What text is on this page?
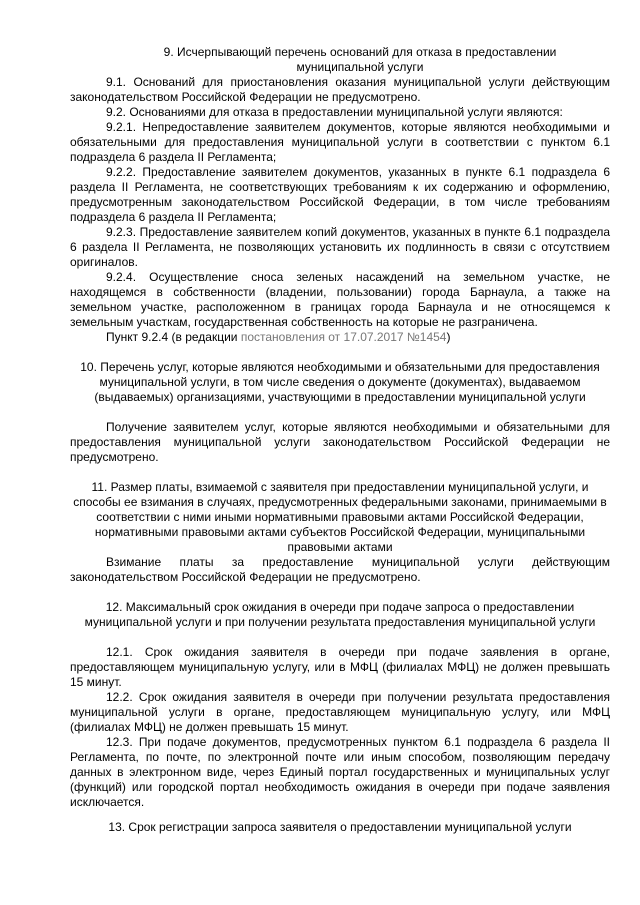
9. Исчерпывающий перечень оснований для отказа в предоставлении муниципальной услуги
9.1. Оснований для приостановления оказания муниципальной услуги действующим законодательством Российской Федерации не предусмотрено.
9.2. Основаниями для отказа в предоставлении муниципальной услуги являются:
9.2.1. Непредоставление заявителем документов, которые являются необходимыми и обязательными для предоставления муниципальной услуги в соответствии с пунктом 6.1 подраздела 6 раздела II Регламента;
9.2.2. Предоставление заявителем документов, указанных в пункте 6.1 подраздела 6 раздела II Регламента, не соответствующих требованиям к их содержанию и оформлению, предусмотренным законодательством Российской Федерации, в том числе требованиям подраздела 6 раздела II Регламента;
9.2.3. Предоставление заявителем копий документов, указанных в пункте 6.1 подраздела 6 раздела II Регламента, не позволяющих установить их подлинность в связи с отсутствием оригиналов.
9.2.4. Осуществление сноса зеленых насаждений на земельном участке, не находящемся в собственности (владении, пользовании) города Барнаула, а также на земельном участке, расположенном в границах города Барнаула и не относящемся к земельным участкам, государственная собственность на которые не разграничена.
Пункт 9.2.4 (в редакции постановления от 17.07.2017 №1454)
10. Перечень услуг, которые являются необходимыми и обязательными для предоставления муниципальной услуги, в том числе сведения о документе (документах), выдаваемом (выдаваемых) организациями, участвующими в предоставлении муниципальной услуги
Получение заявителем услуг, которые являются необходимыми и обязательными для предоставления муниципальной услуги законодательством Российской Федерации не предусмотрено.
11. Размер платы, взимаемой с заявителя при предоставлении муниципальной услуги, и способы ее взимания в случаях, предусмотренных федеральными законами, принимаемыми в соответствии с ними иными нормативными правовыми актами Российской Федерации, нормативными правовыми актами субъектов Российской Федерации, муниципальными правовыми актами
Взимание платы за предоставление муниципальной услуги действующим законодательством Российской Федерации не предусмотрено.
12. Максимальный срок ожидания в очереди при подаче запроса о предоставлении муниципальной услуги и при получении результата предоставления муниципальной услуги
12.1. Срок ожидания заявителя в очереди при подаче заявления в органе, предоставляющем муниципальную услугу, или в МФЦ (филиалах МФЦ) не должен превышать 15 минут.
12.2. Срок ожидания заявителя в очереди при получении результата предоставления муниципальной услуги в органе, предоставляющем муниципальную услугу, или МФЦ (филиалах МФЦ) не должен превышать 15 минут.
12.3. При подаче документов, предусмотренных пунктом 6.1 подраздела 6 раздела II Регламента, по почте, по электронной почте или иным способом, позволяющим передачу данных в электронном виде, через Единый портал государственных и муниципальных услуг (функций) или городской портал необходимость ожидания в очереди при подаче заявления исключается.
13. Срок регистрации запроса заявителя о предоставлении муниципальной услуги
